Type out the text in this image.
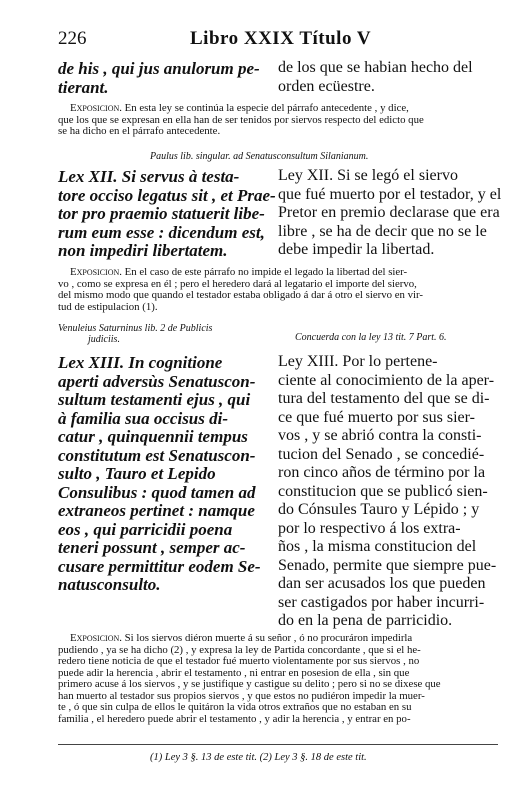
226	Libro XXIX Título V
de his , qui jus anulorum pe-
tierant.
de los que se habian hecho del
orden ecüestre.
Exposicion. En esta ley se continúa la especie del párrafo antecedente , y dice,
que los que se expresan en ella han de ser tenidos por siervos respecto del edicto que
se ha dicho en el párrafo antecedente.
Paulus lib. singular. ad Senatusconsultum Silanianum.
Lex XII. Si servus à testa-
tore occiso legatus sit , et Prae-
tor pro praemio statuerit libe-
rum eum esse : dicendum est,
non impediri libertatem.
Ley XII. Si se legó el siervo
que fué muerto por el testador, y el
Pretor en premio declarase que era
libre , se ha de decir que no se le
debe impedir la libertad.
Exposicion. En el caso de este párrafo no impide el legado la libertad del sier-
vo , como se expresa en él ; pero el heredero dará al legatario el importe del siervo,
del mismo modo que quando el testador estaba obligado á dar á otro el siervo en vir-
tud de estipulacion (1).
Venuleius Saturninus lib. 2 de Publicis
judiciis.	Concuerda con la ley 13 tit. 7 Part. 6.
Lex XIII. In cognitione
aperti adversùs Senatuscon-
sultum testamenti ejus , qui
à familia sua occisus di-
catur , quinquennii tempus
constitutum est Senatuscon-
sulto , Tauro et Lepido
Consulibus : quod tamen ad
extraneos pertinet : namque
eos , qui parricidii poena
teneri possunt , semper ac-
cusare permittitur eodem Se-
natusconsulto.
Ley XIII. Por lo pertene-
ciente al conocimiento de la aper-
tura del testamento del que se di-
ce que fué muerto por sus sier-
vos , y se abrió contra la consti-
tucion del Senado , se concedié-
ron cinco años de término por la
constitucion que se publicó sien-
do Cónsules Tauro y Lépido ; y
por lo respectivo á los extra-
ños , la misma constitucion del
Senado, permite que siempre pue-
dan ser acusados los que pueden
ser castigados por haber incurri-
do en la pena de parricidio.
Exposicion. Si los siervos diéron muerte á su señor , ó no procuráron impedirla
pudiendo , ya se ha dicho (2) , y expresa la ley de Partida concordante , que si el he-
redero tiene noticia de que el testador fué muerto violentamente por sus siervos , no
puede adir la herencia , abrir el testamento , ni entrar en posesion de ella , sin que
primero acuse á los siervos , y se justifique y castigue su delito ; pero si no se dixese que
han muerto al testador sus propios siervos , y que estos no pudiéron impedir la muer-
te , ó que sin culpa de ellos le quitáron la vida otros extraños que no estaban en su
familia , el heredero puede abrir el testamento , y adir la herencia , y entrar en po-
(1) Ley 3 §. 13 de este tit. (2) Ley 3 §. 18 de este tit.
